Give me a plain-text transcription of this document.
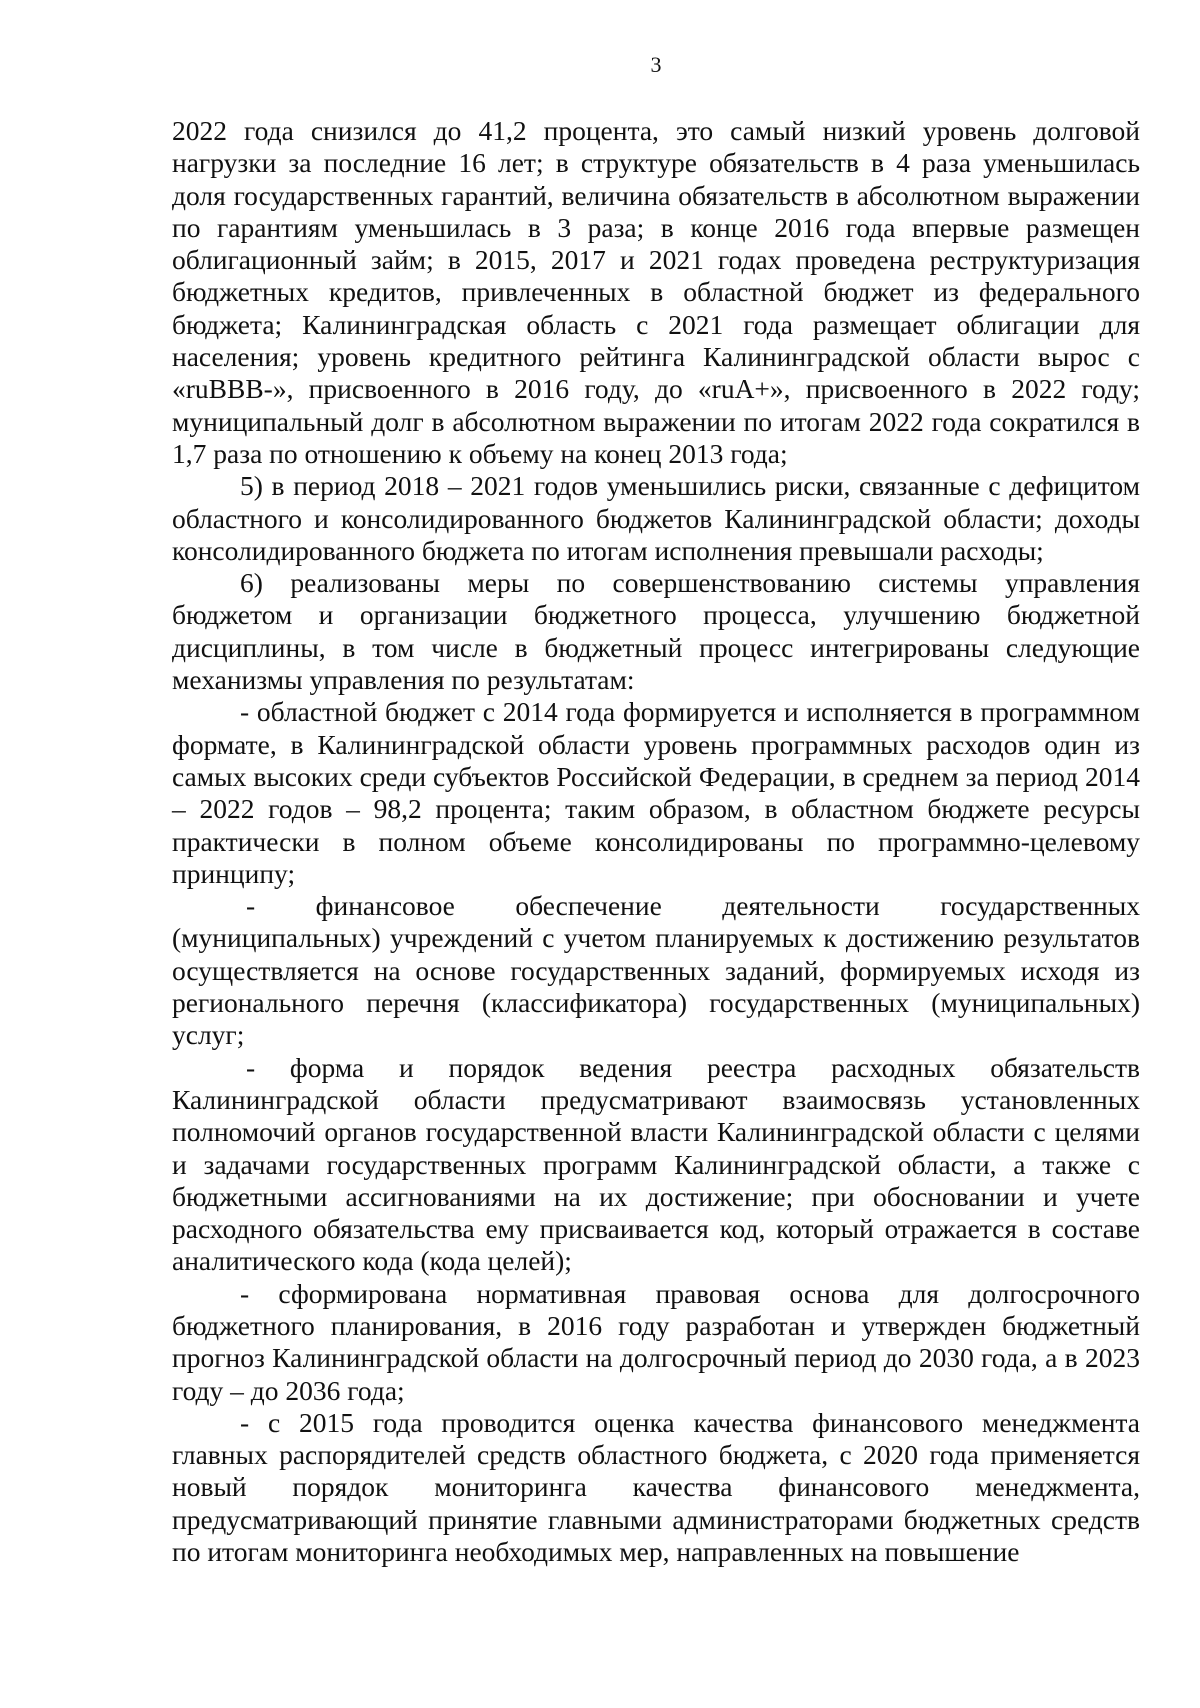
3

2022 года снизился до 41,2 процента, это самый низкий уровень долговой нагрузки за последние 16 лет; в структуре обязательств в 4 раза уменьшилась доля государственных гарантий, величина обязательств в абсолютном выражении по гарантиям уменьшилась в 3 раза; в конце 2016 года впервые размещен облигационный займ; в 2015, 2017 и 2021 годах проведена реструктуризация бюджетных кредитов, привлеченных в областной бюджет из федерального бюджета; Калининградская область с 2021 года размещает облигации для населения; уровень кредитного рейтинга Калининградской области вырос с «ruBBB-», присвоенного в 2016 году, до «ruA+», присвоенного в 2022 году; муниципальный долг в абсолютном выражении по итогам 2022 года сократился в 1,7 раза по отношению к объему на конец 2013 года;

5) в период 2018 – 2021 годов уменьшились риски, связанные с дефицитом областного и консолидированного бюджетов Калининградской области; доходы консолидированного бюджета по итогам исполнения превышали расходы;

6) реализованы меры по совершенствованию системы управления бюджетом и организации бюджетного процесса, улучшению бюджетной дисциплины, в том числе в бюджетный процесс интегрированы следующие механизмы управления по результатам:

- областной бюджет с 2014 года формируется и исполняется в программном формате, в Калининградской области уровень программных расходов один из самых высоких среди субъектов Российской Федерации, в среднем за период 2014 – 2022 годов – 98,2 процента; таким образом, в областном бюджете ресурсы практически в полном объеме консолидированы по программно-целевому принципу;

- финансовое обеспечение деятельности государственных (муниципальных) учреждений с учетом планируемых к достижению результатов осуществляется на основе государственных заданий, формируемых исходя из регионального перечня (классификатора) государственных (муниципальных) услуг;

- форма и порядок ведения реестра расходных обязательств Калининградской области предусматривают взаимосвязь установленных полномочий органов государственной власти Калининградской области с целями и задачами государственных программ Калининградской области, а также с бюджетными ассигнованиями на их достижение; при обосновании и учете расходного обязательства ему присваивается код, который отражается в составе аналитического кода (кода целей);

- сформирована нормативная правовая основа для долгосрочного бюджетного планирования, в 2016 году разработан и утвержден бюджетный прогноз Калининградской области на долгосрочный период до 2030 года, а в 2023 году – до 2036 года;

- с 2015 года проводится оценка качества финансового менеджмента главных распорядителей средств областного бюджета, с 2020 года применяется новый порядок мониторинга качества финансового менеджмента, предусматривающий принятие главными администраторами бюджетных средств по итогам мониторинга необходимых мер, направленных на повышение
